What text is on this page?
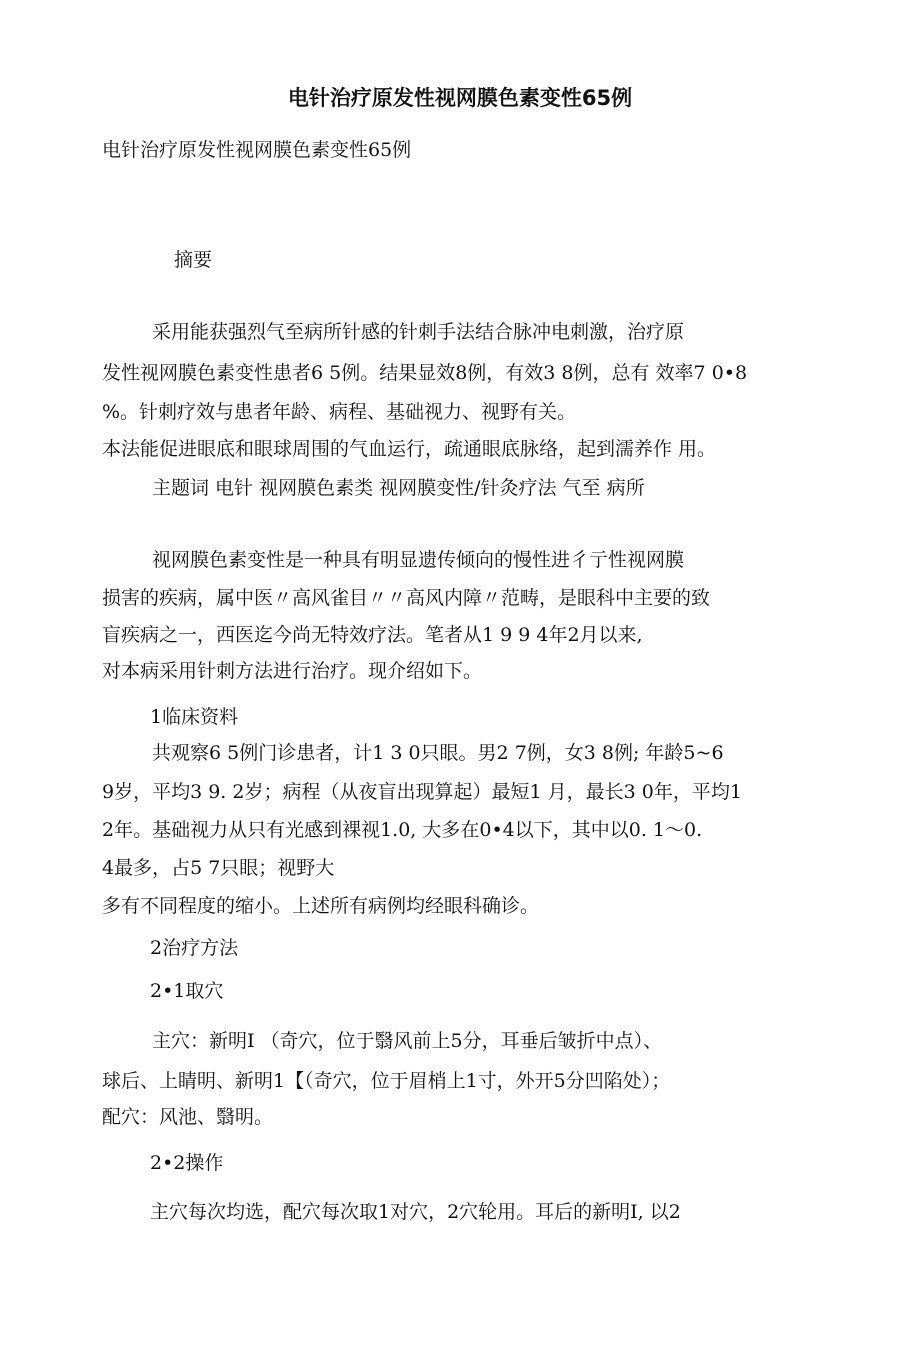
电针治疗原发性视网膜色素变性65例
电针治疗原发性视网膜色素变性65例
摘要
采用能获强烈气至病所针感的针刺手法结合脉冲电刺激，治疗原
发性视网膜色素变性患者6 5例。结果显效8例，有效3 8例，总有 效率7 0•8
%。针刺疗效与患者年龄、病程、基础视力、视野有关。
本法能促进眼底和眼球周围的气血运行，疏通眼底脉络，起到濡养作 用。
主题词 电针 视网膜色素类 视网膜变性/针灸疗法 气至 病所
视网膜色素变性是一种具有明显遗传倾向的慢性进彳亍性视网膜
损害的疾病，属中医〃高风雀目〃〃高风内障〃范畴，是眼科中主要的致
盲疾病之一，西医迄今尚无特效疗法。笔者从1 9 9 4年2月以来,
对本病采用针刺方法进行治疗。现介绍如下。
1临床资料
共观察6 5例门诊患者，计1 3 0只眼。男2 7例，女3 8例; 年龄5~6
9岁，平均3 9. 2岁；病程（从夜盲出现算起）最短1 月，最长3 0年，平均1
2年。基础视力从只有光感到裸视1.0, 大多在0•4以下，其中以0. 1〜0.
4最多，占5 7只眼；视野大
多有不同程度的缩小。上述所有病例均经眼科确诊。
2治疗方法
2•1取穴
主穴：新明I （奇穴，位于翳风前上5分，耳垂后皱折中点）、
球后、上睛明、新明1【（奇穴，位于眉梢上1寸，外开5分凹陷处）；
配穴：风池、翳明。
2•2操作
主穴每次均选，配穴每次取1对穴，2穴轮用。耳后的新明I, 以2
